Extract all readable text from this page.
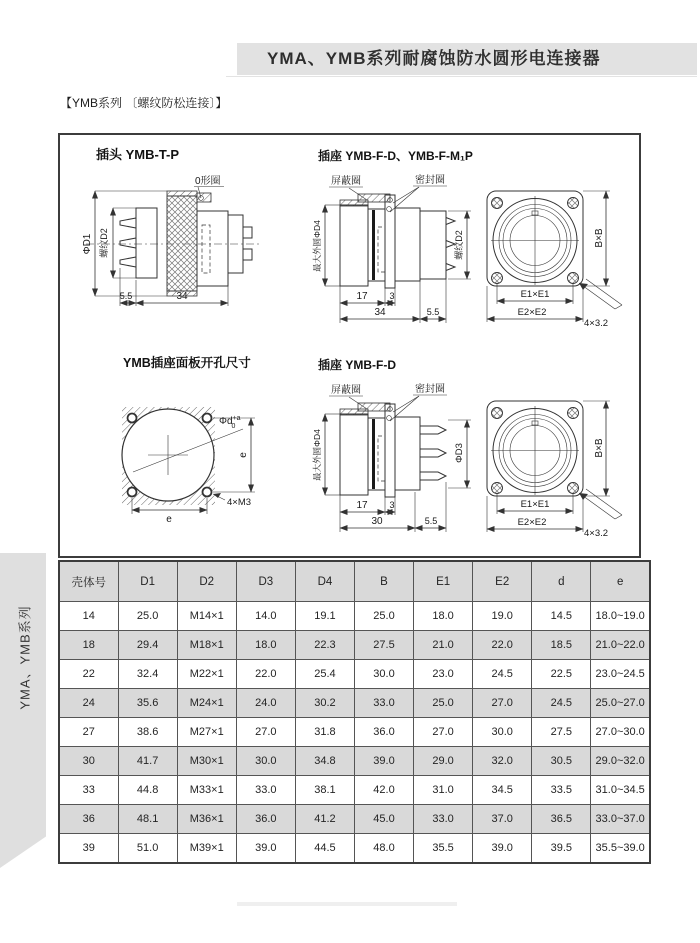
YMA、YMB系列耐腐蚀防水圆形电连接器
【YMB系列 〔螺纹防松连接〕】
插头 YMB-T-P
0形圈
ΦD1 螺纹D2
5.5	34
插座 YMB-F-D、YMB-F-M₁P
屏蔽圈	密封圈
最大外圆ΦD4	螺纹D2
17 3
34	5.5
B×B
E1×E1
E2×E2
4×3.2
YMB插座面板开孔尺寸
$\Phi d^{+a}$ 0
e
e
4×M3
插座 YMB-F-D
屏蔽圈	密封圈
最大外圆ΦD4	ΦD3
17 3
30	5.5
B×B
E1×E1
E2×E2
4×3.2
YMA、YMB系列
壳体号	D1	D2	D3	D4	B	E1	E2	d	e
14	25.0	M14×1	14.0	19.1	25.0	18.0	19.0	14.5	18.0~19.0
18	29.4	M18×1	18.0	22.3	27.5	21.0	22.0	18.5	21.0~22.0
22	32.4	M22×1	22.0	25.4	30.0	23.0	24.5	22.5	23.0~24.5
24	35.6	M24×1	24.0	30.2	33.0	25.0	27.0	24.5	25.0~27.0
27	38.6	M27×1	27.0	31.8	36.0	27.0	30.0	27.5	27.0~30.0
30	41.7	M30×1	30.0	34.8	39.0	29.0	32.0	30.5	29.0~32.0
33	44.8	M33×1	33.0	38.1	42.0	31.0	34.5	33.5	31.0~34.5
36	48.1	M36×1	36.0	41.2	45.0	33.0	37.0	36.5	33.0~37.0
39	51.0	M39×1	39.0	44.5	48.0	35.5	39.0	39.5	35.5~39.0
